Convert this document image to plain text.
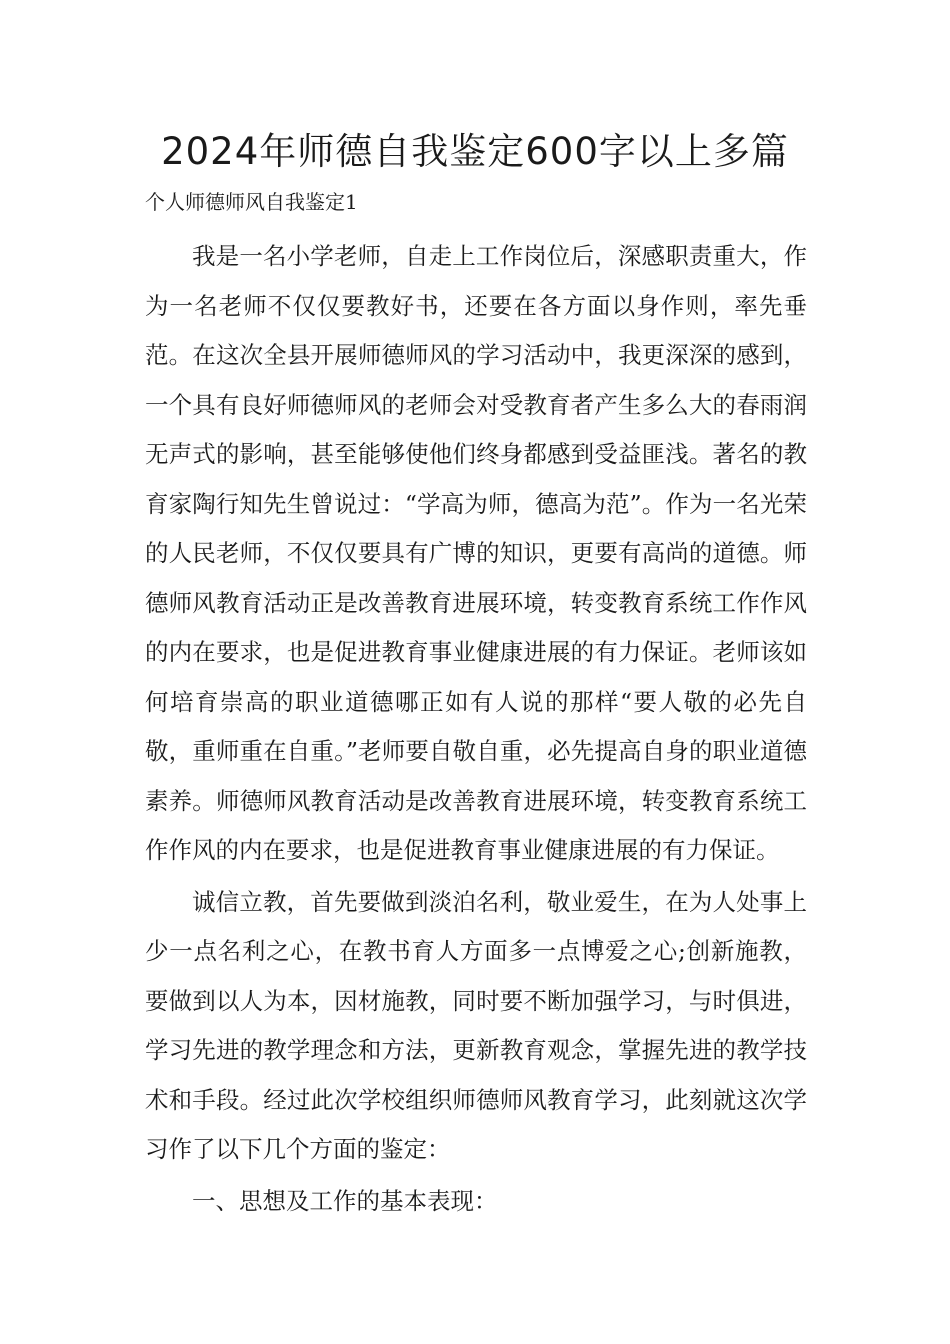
2024年师德自我鉴定600字以上多篇

个人师德师风自我鉴定1

我是一名小学老师，自走上工作岗位后，深感职责重大，作为一名老师不仅仅要教好书，还要在各方面以身作则，率先垂范。在这次全县开展师德师风的学习活动中，我更深深的感到，一个具有良好师德师风的老师会对受教育者产生多么大的春雨润无声式的影响，甚至能够使他们终身都感到受益匪浅。著名的教育家陶行知先生曾说过：“学高为师，德高为范”。作为一名光荣的人民老师，不仅仅要具有广博的知识，更要有高尚的道德。师德师风教育活动正是改善教育进展环境，转变教育系统工作作风的内在要求，也是促进教育事业健康进展的有力保证。老师该如何培育崇高的职业道德哪正如有人说的那样“要人敬的必先自敬，重师重在自重。”老师要自敬自重，必先提高自身的职业道德素养。师德师风教育活动是改善教育进展环境，转变教育系统工作作风的内在要求，也是促进教育事业健康进展的有力保证。

诚信立教，首先要做到淡泊名利，敬业爱生，在为人处事上少一点名利之心，在教书育人方面多一点博爱之心;创新施教，要做到以人为本，因材施教，同时要不断加强学习，与时俱进，学习先进的教学理念和方法，更新教育观念，掌握先进的教学技术和手段。经过此次学校组织师德师风教育学习，此刻就这次学习作了以下几个方面的鉴定：

一、思想及工作的基本表现：
